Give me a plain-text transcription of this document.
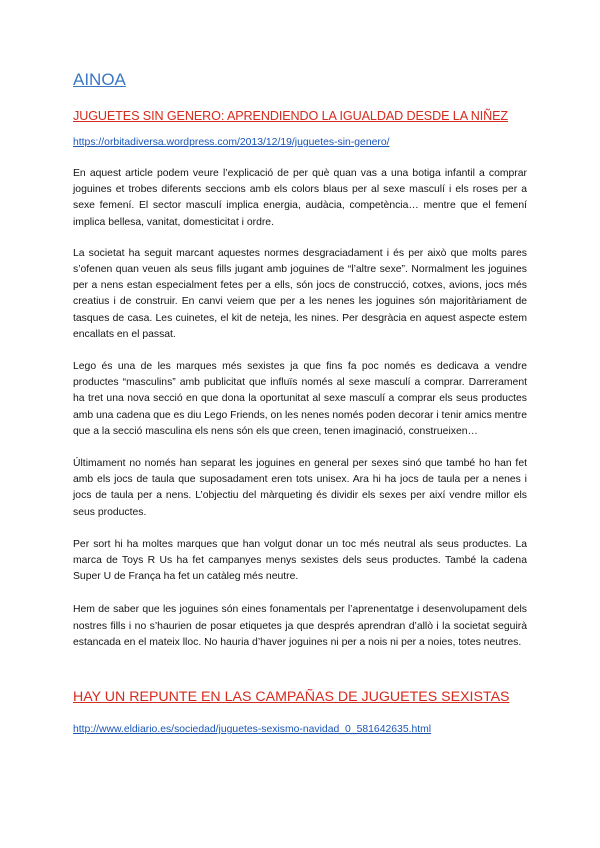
AINOA

JUGUETES SIN GENERO: APRENDIENDO LA IGUALDAD DESDE LA NIÑEZ

https://orbitadiversa.wordpress.com/2013/12/19/juguetes-sin-genero/

En aquest article podem veure l’explicació de per què quan vas a una botiga infantil a comprar joguines et trobes diferents seccions amb els colors blaus per al sexe masculí i els roses per a sexe femení. El sector masculí implica energia, audàcia, competència… mentre que el femení implica bellesa, vanitat, domesticitat i ordre.

La societat ha seguit marcant aquestes normes desgraciadament i és per això que molts pares s’ofenen quan veuen als seus fills jugant amb joguines de “l’altre sexe”. Normalment les joguines per a nens estan especialment fetes per a ells, són jocs de construcció, cotxes, avions, jocs més creatius i de construir. En canvi veiem que per a les nenes les joguines són majoritàriament de tasques de casa. Les cuinetes, el kit de neteja, les nines. Per desgràcia en aquest aspecte estem encallats en el passat.

Lego és una de les marques més sexistes ja que fins fa poc només es dedicava a vendre productes “masculins” amb publicitat que influïs només al sexe masculí a comprar. Darrerament ha tret una nova secció en que dona la oportunitat al sexe masculí a comprar els seus productes amb una cadena que es diu Lego Friends, on les nenes només poden decorar i tenir amics mentre que a la secció masculina els nens són els que creen, tenen imaginació, construeixen…

Últimament no només han separat les joguines en general per sexes sinó que també ho han fet amb els jocs de taula que suposadament eren tots unisex. Ara hi ha jocs de taula per a nenes i jocs de taula per a nens. L’objectiu del màrqueting és dividir els sexes per així vendre millor els seus productes.

Per sort hi ha moltes marques que han volgut donar un toc més neutral als seus productes. La marca de Toys R Us ha fet campanyes menys sexistes dels seus productes. També la cadena Super U de França ha fet un catàleg més neutre.

Hem de saber que les joguines són eines fonamentals per l’aprenentatge i desenvolupament dels nostres fills i no s’haurien de posar etiquetes ja que després aprendran d’allò i la societat seguirà estancada en el mateix lloc. No hauria d’haver joguines ni per a nois ni per a noies, totes neutres.

HAY UN REPUNTE EN LAS CAMPAÑAS DE JUGUETES SEXISTAS

http://www.eldiario.es/sociedad/juguetes-sexismo-navidad_0_581642635.html
